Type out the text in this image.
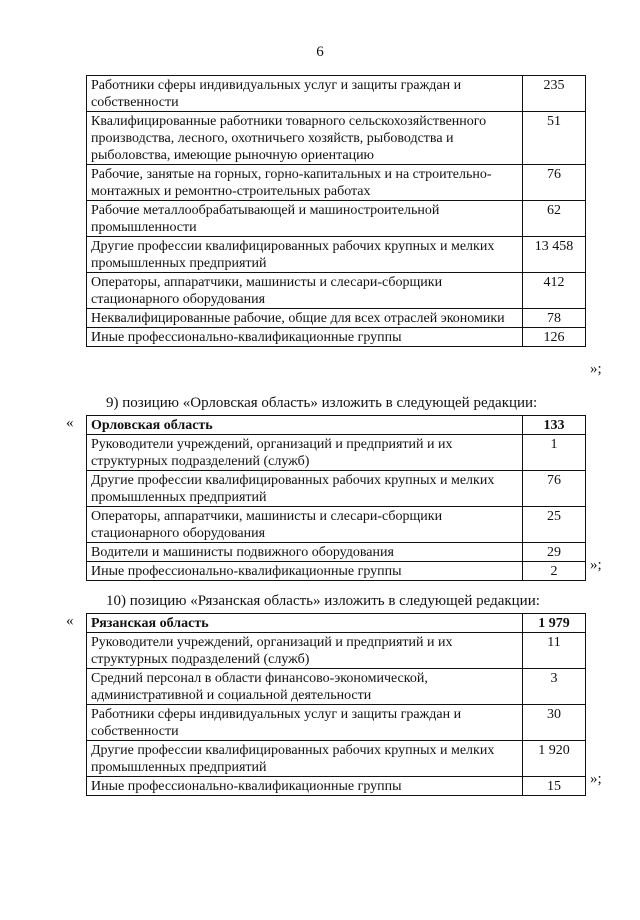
6
Работники сферы индивидуальных услуг и защиты граждан и собственности	235
Квалифицированные работники товарного сельскохозяйственного производства, лесного, охотничьего хозяйств, рыбоводства и рыболовства, имеющие рыночную ориентацию	51
Рабочие, занятые на горных, горно-капитальных и на строительно-монтажных и ремонтно-строительных работах	76
Рабочие металлообрабатывающей и машиностроительной промышленности	62
Другие профессии квалифицированных рабочих крупных и мелких промышленных предприятий	13 458
Операторы, аппаратчики, машинисты и слесари-сборщики стационарного оборудования	412
Неквалифицированные рабочие, общие для всех отраслей экономики	78
Иные профессионально-квалификационные группы	126
»;
9) позицию «Орловская область» изложить в следующей редакции:
« Орловская область	133
Руководители учреждений, организаций и предприятий и их структурных подразделений (служб)	1
Другие профессии квалифицированных рабочих крупных и мелких промышленных предприятий	76
Операторы, аппаратчики, машинисты и слесари-сборщики стационарного оборудования	25
Водители и машинисты подвижного оборудования	29
Иные профессионально-квалификационные группы	2 »;
10) позицию «Рязанская область» изложить в следующей редакции:
« Рязанская область	1 979
Руководители учреждений, организаций и предприятий и их структурных подразделений (служб)	11
Средний персонал в области финансово-экономической, административной и социальной деятельности	3
Работники сферы индивидуальных услуг и защиты граждан и собственности	30
Другие профессии квалифицированных рабочих крупных и мелких промышленных предприятий	1 920
Иные профессионально-квалификационные группы	15 »;
